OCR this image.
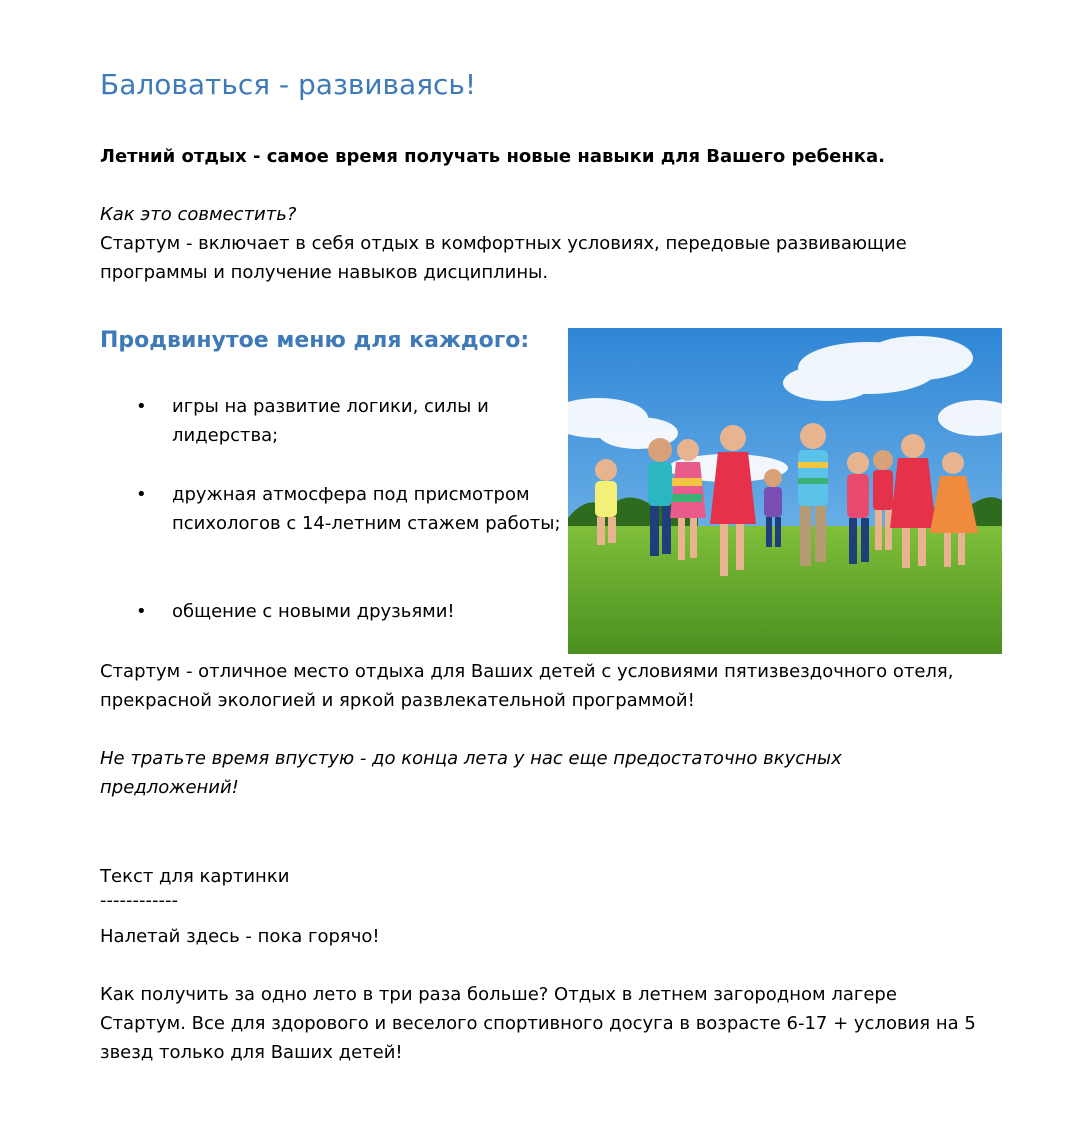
Баловаться - развиваясь!

Летний отдых - самое время получать новые навыки для Вашего ребенка.

Как это совместить?

Стартум - включает в себя отдых в комфортных условиях, передовые развивающие

программы и получение навыков дисциплины.

Продвинутое меню для каждого:
•	игры на развитие логики, силы и лидерства;

•	дружная атмосфера под присмотром психологов с 14-летним стажем работы;

•	общение с новыми друзьями!

Стартум - отличное место отдыха для Ваших детей с условиями пятизвездочного отеля,

прекрасной экологией и яркой развлекательной программой!

Не тратьте время впустую - до конца лета у нас еще предостаточно вкусных

предложений!

Текст для картинки

------------

Налетай здесь - пока горячо!

Как получить за одно лето в три раза больше? Отдых в летнем загородном лагере

Стартум. Все для здорового и веселого спортивного досуга в возрасте 6-17 + условия на 5

звезд только для Ваших детей!
